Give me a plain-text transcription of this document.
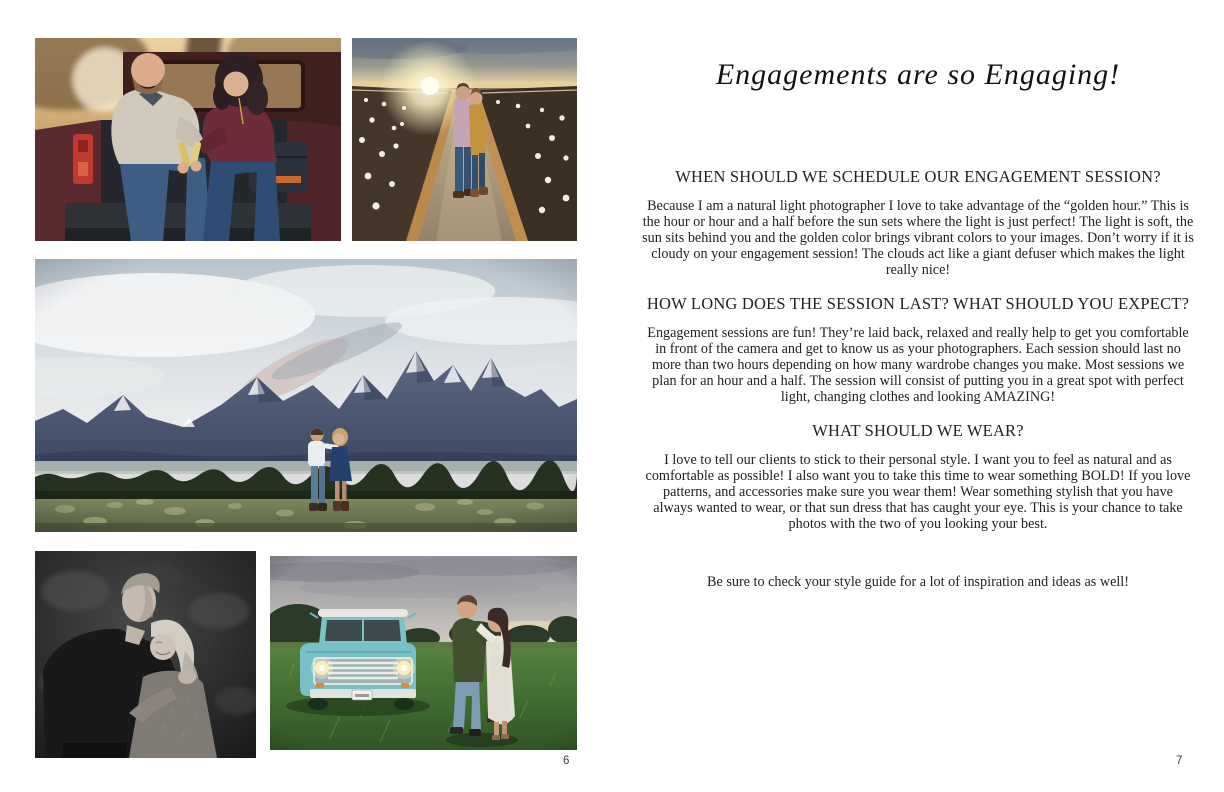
6
Engagements are so Engaging!
WHEN SHOULD WE SCHEDULE OUR ENGAGEMENT SESSION?

Because I am a natural light photographer I love to take advantage of the “golden hour.” This is the hour or hour and a half before the sun sets where the light is just perfect! The light is soft, the sun sits behind you and the golden color brings vibrant colors to your images. Don’t worry if it is cloudy on your engagement session! The clouds act like a giant defuser which makes the light really nice!

HOW LONG DOES THE SESSION LAST? WHAT SHOULD YOU EXPECT?

Engagement sessions are fun! They’re laid back, relaxed and really help to get you comfortable in front of the camera and get to know us as your photographers. Each session should last no more than two hours depending on how many wardrobe changes you make. Most sessions we plan for an hour and a half. The session will consist of putting you in a great spot with perfect light, changing clothes and looking AMAZING!

WHAT SHOULD WE WEAR?

I love to tell our clients to stick to their personal style. I want you to feel as natural and as comfortable as possible! I also want you to take this time to wear something BOLD! If you love patterns, and accessories make sure you wear them! Wear something stylish that you have always wanted to wear, or that sun dress that has caught your eye. This is your chance to take photos with the two of you looking your best.

Be sure to check your style guide for a lot of inspiration and ideas as well!

7
